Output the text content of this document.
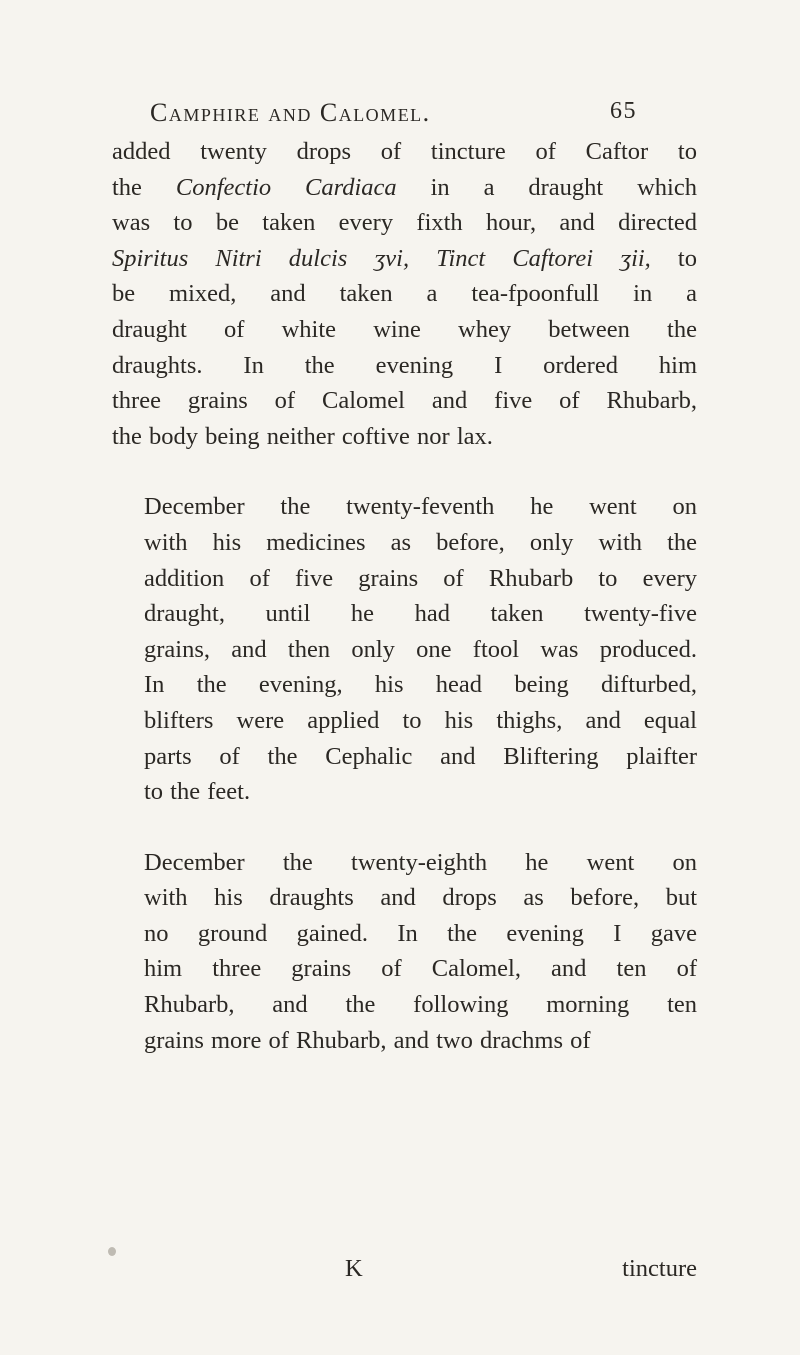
Camphire and Calomel.	65

added twenty drops of tincture of Caftor to
the Confectio Cardiaca in a draught which
was to be taken every fixth hour, and directed
Spiritus Nitri dulcis ʒvi, Tinct Caftorei ʒii, to
be mixed, and taken a tea-fpoonfull in a
draught of white wine whey between the
draughts. In the evening I ordered him
three grains of Calomel and five of Rhubarb,
the body being neither coftive nor lax.

December the twenty-feventh he went on
with his medicines as before, only with the
addition of five grains of Rhubarb to every
draught, until he had taken twenty-five
grains, and then only one ftool was produced.
In the evening, his head being difturbed,
blifters were applied to his thighs, and equal
parts of the Cephalic and Bliftering plaifter
to the feet.

December the twenty-eighth he went on
with his draughts and drops as before, but
no ground gained. In the evening I gave
him three grains of Calomel, and ten of
Rhubarb, and the following morning ten
grains more of Rhubarb, and two drachms of

K	tincture
